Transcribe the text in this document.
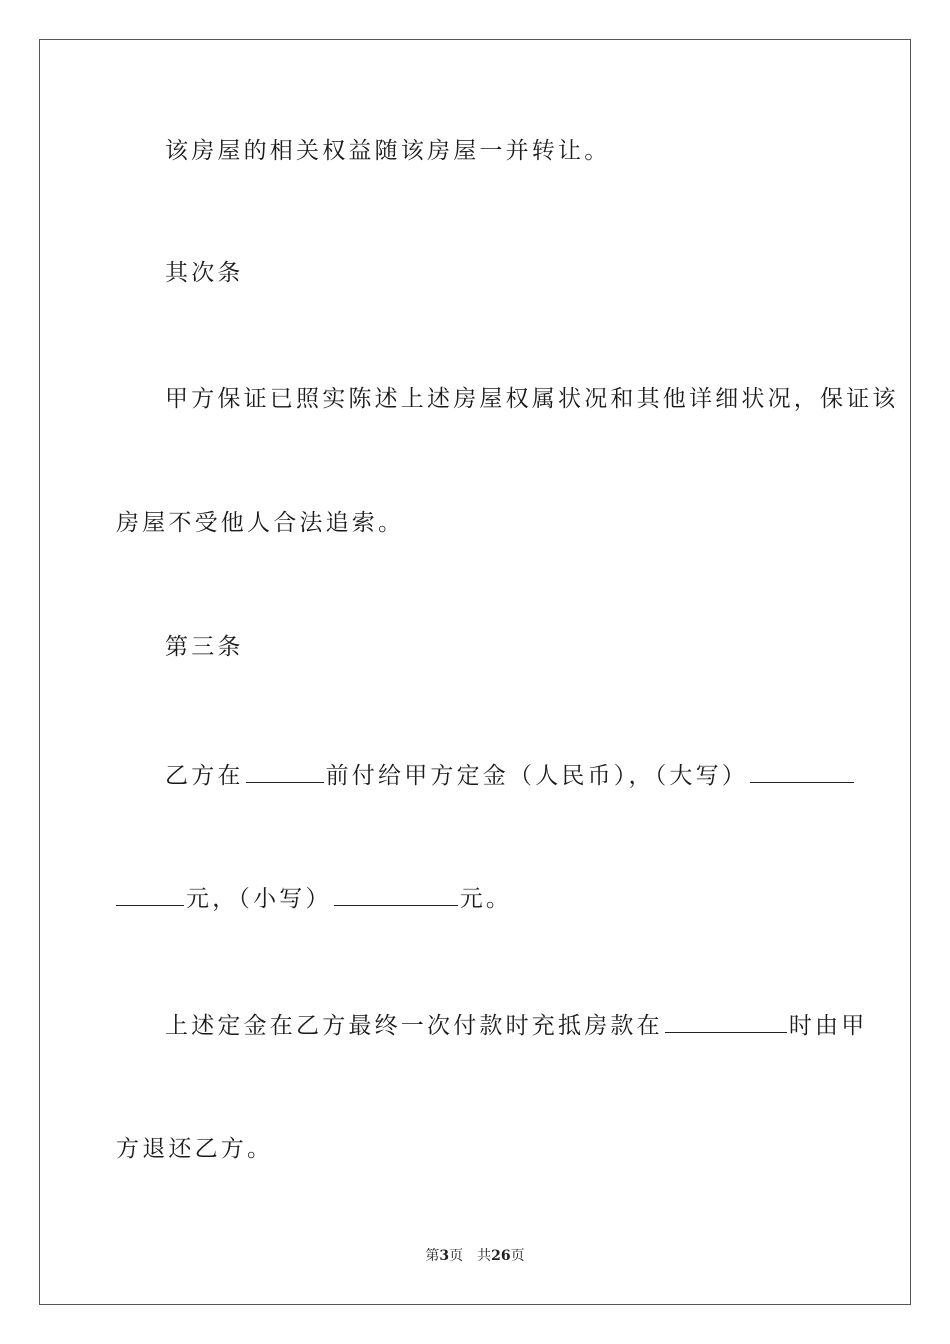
该房屋的相关权益随该房屋一并转让。
其次条
甲方保证已照实陈述上述房屋权属状况和其他详细状况，保证该
房屋不受他人合法追索。
第三条
乙方在	前付给甲方定金（人民币），（大写）
元，（小写）	元。
上述定金在乙方最终一次付款时充抵房款在	时由甲
方退还乙方。
第3页 共26页
